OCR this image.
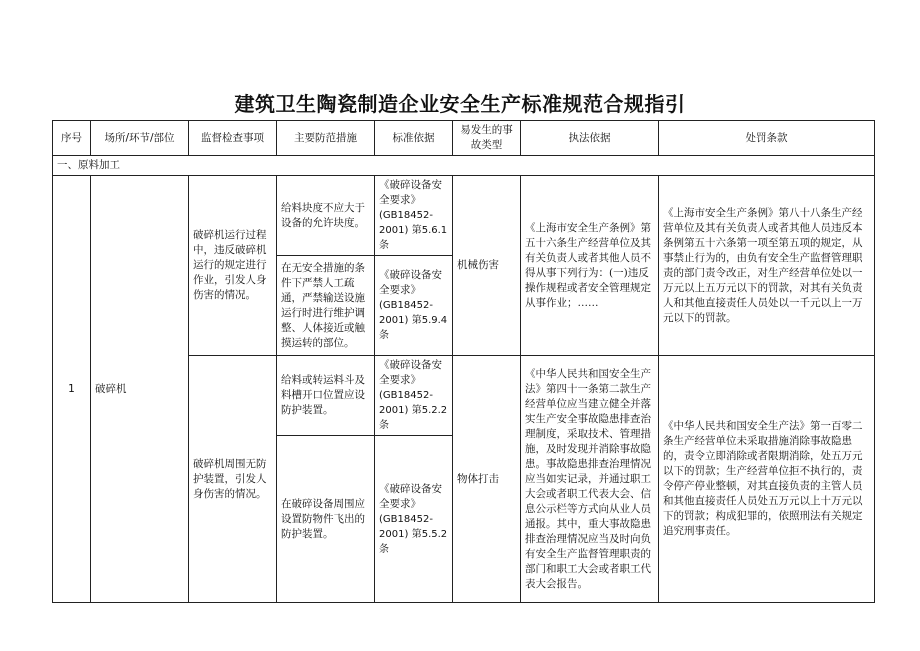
建筑卫生陶瓷制造企业安全生产标准规范合规指引
序号	场所/环节/部位	监督检查事项	主要防范措施	标准依据	易发生的事故类型	执法依据	处罚条款
一、原料加工							
1	破碎机	破碎机运行过程中，违反破碎机运行的规定进行作业，引发人身伤害的情况。	给料块度不应大于设备的允许块度。	《破碎设备安全要求》
(GB18452-2001) 第5.6.1条	机械伤害	《上海市安全生产条例》第五十六条生产经营单位及其有关负责人或者其他人员不得从事下列行为：(一)违反操作规程或者安全管理规定从事作业；……	《上海市安全生产条例》第八十八条生产经营单位及其有关负责人或者其他人员违反本条例第五十六条第一项至第五项的规定，从事禁止行为的，由负有安全生产监督管理职责的部门责令改正，对生产经营单位处以一万元以上五万元以下的罚款，对其有关负责人和其他直接责任人员处以一千元以上一万元以下的罚款。
			在无安全措施的条件下严禁人工疏通，严禁输送设施运行时进行维护调整、人体接近或触摸运转的部位。	《破碎设备安全要求》
(GB18452-2001) 第5.9.4条			
		破碎机周围无防护装置，引发人身伤害的情况。	给料或转运料斗及料槽开口位置应设防护装置。	《破碎设备安全要求》
(GB18452-2001) 第5.2.2条	物体打击	《中华人民共和国安全生产法》第四十一条第二款生产经营单位应当建立健全并落实生产安全事故隐患排查治理制度，采取技术、管理措施，及时发现并消除事故隐患。事故隐患排查治理情况应当如实记录，并通过职工大会或者职工代表大会、信息公示栏等方式向从业人员通报。其中，重大事故隐患排查治理情况应当及时向负有安全生产监督管理职责的部门和职工大会或者职工代表大会报告。	《中华人民共和国安全生产法》第一百零二条生产经营单位未采取措施消除事故隐患的，责令立即消除或者限期消除，处五万元以下的罚款；生产经营单位拒不执行的，责令停产停业整顿，对其直接负责的主管人员和其他直接责任人员处五万元以上十万元以下的罚款；构成犯罪的，依照刑法有关规定追究刑事责任。
			在破碎设备周围应设置防物件飞出的防护装置。	《破碎设备安全要求》
(GB18452-2001) 第5.5.2条			
